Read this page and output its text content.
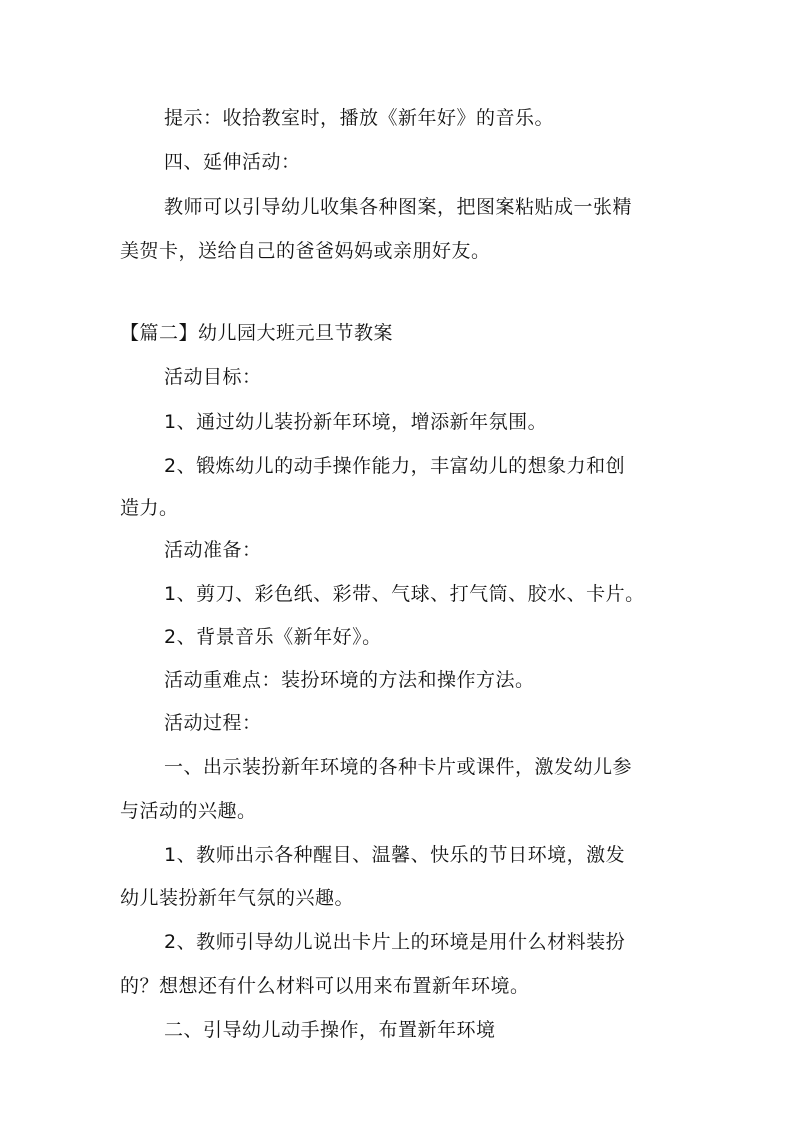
提示：收拾教室时，播放《新年好》的音乐。
四、延伸活动：
教师可以引导幼儿收集各种图案，把图案粘贴成一张精
美贺卡，送给自己的爸爸妈妈或亲朋好友。
【篇二】幼儿园大班元旦节教案
活动目标：
1、通过幼儿装扮新年环境，增添新年氛围。
2、锻炼幼儿的动手操作能力，丰富幼儿的想象力和创
造力。
活动准备：
1、剪刀、彩色纸、彩带、气球、打气筒、胶水、卡片。
2、背景音乐《新年好》。
活动重难点：装扮环境的方法和操作方法。
活动过程：
一、出示装扮新年环境的各种卡片或课件，激发幼儿参
与活动的兴趣。
1、教师出示各种醒目、温馨、快乐的节日环境，激发
幼儿装扮新年气氛的兴趣。
2、教师引导幼儿说出卡片上的环境是用什么材料装扮
的？想想还有什么材料可以用来布置新年环境。
二、引导幼儿动手操作，布置新年环境
